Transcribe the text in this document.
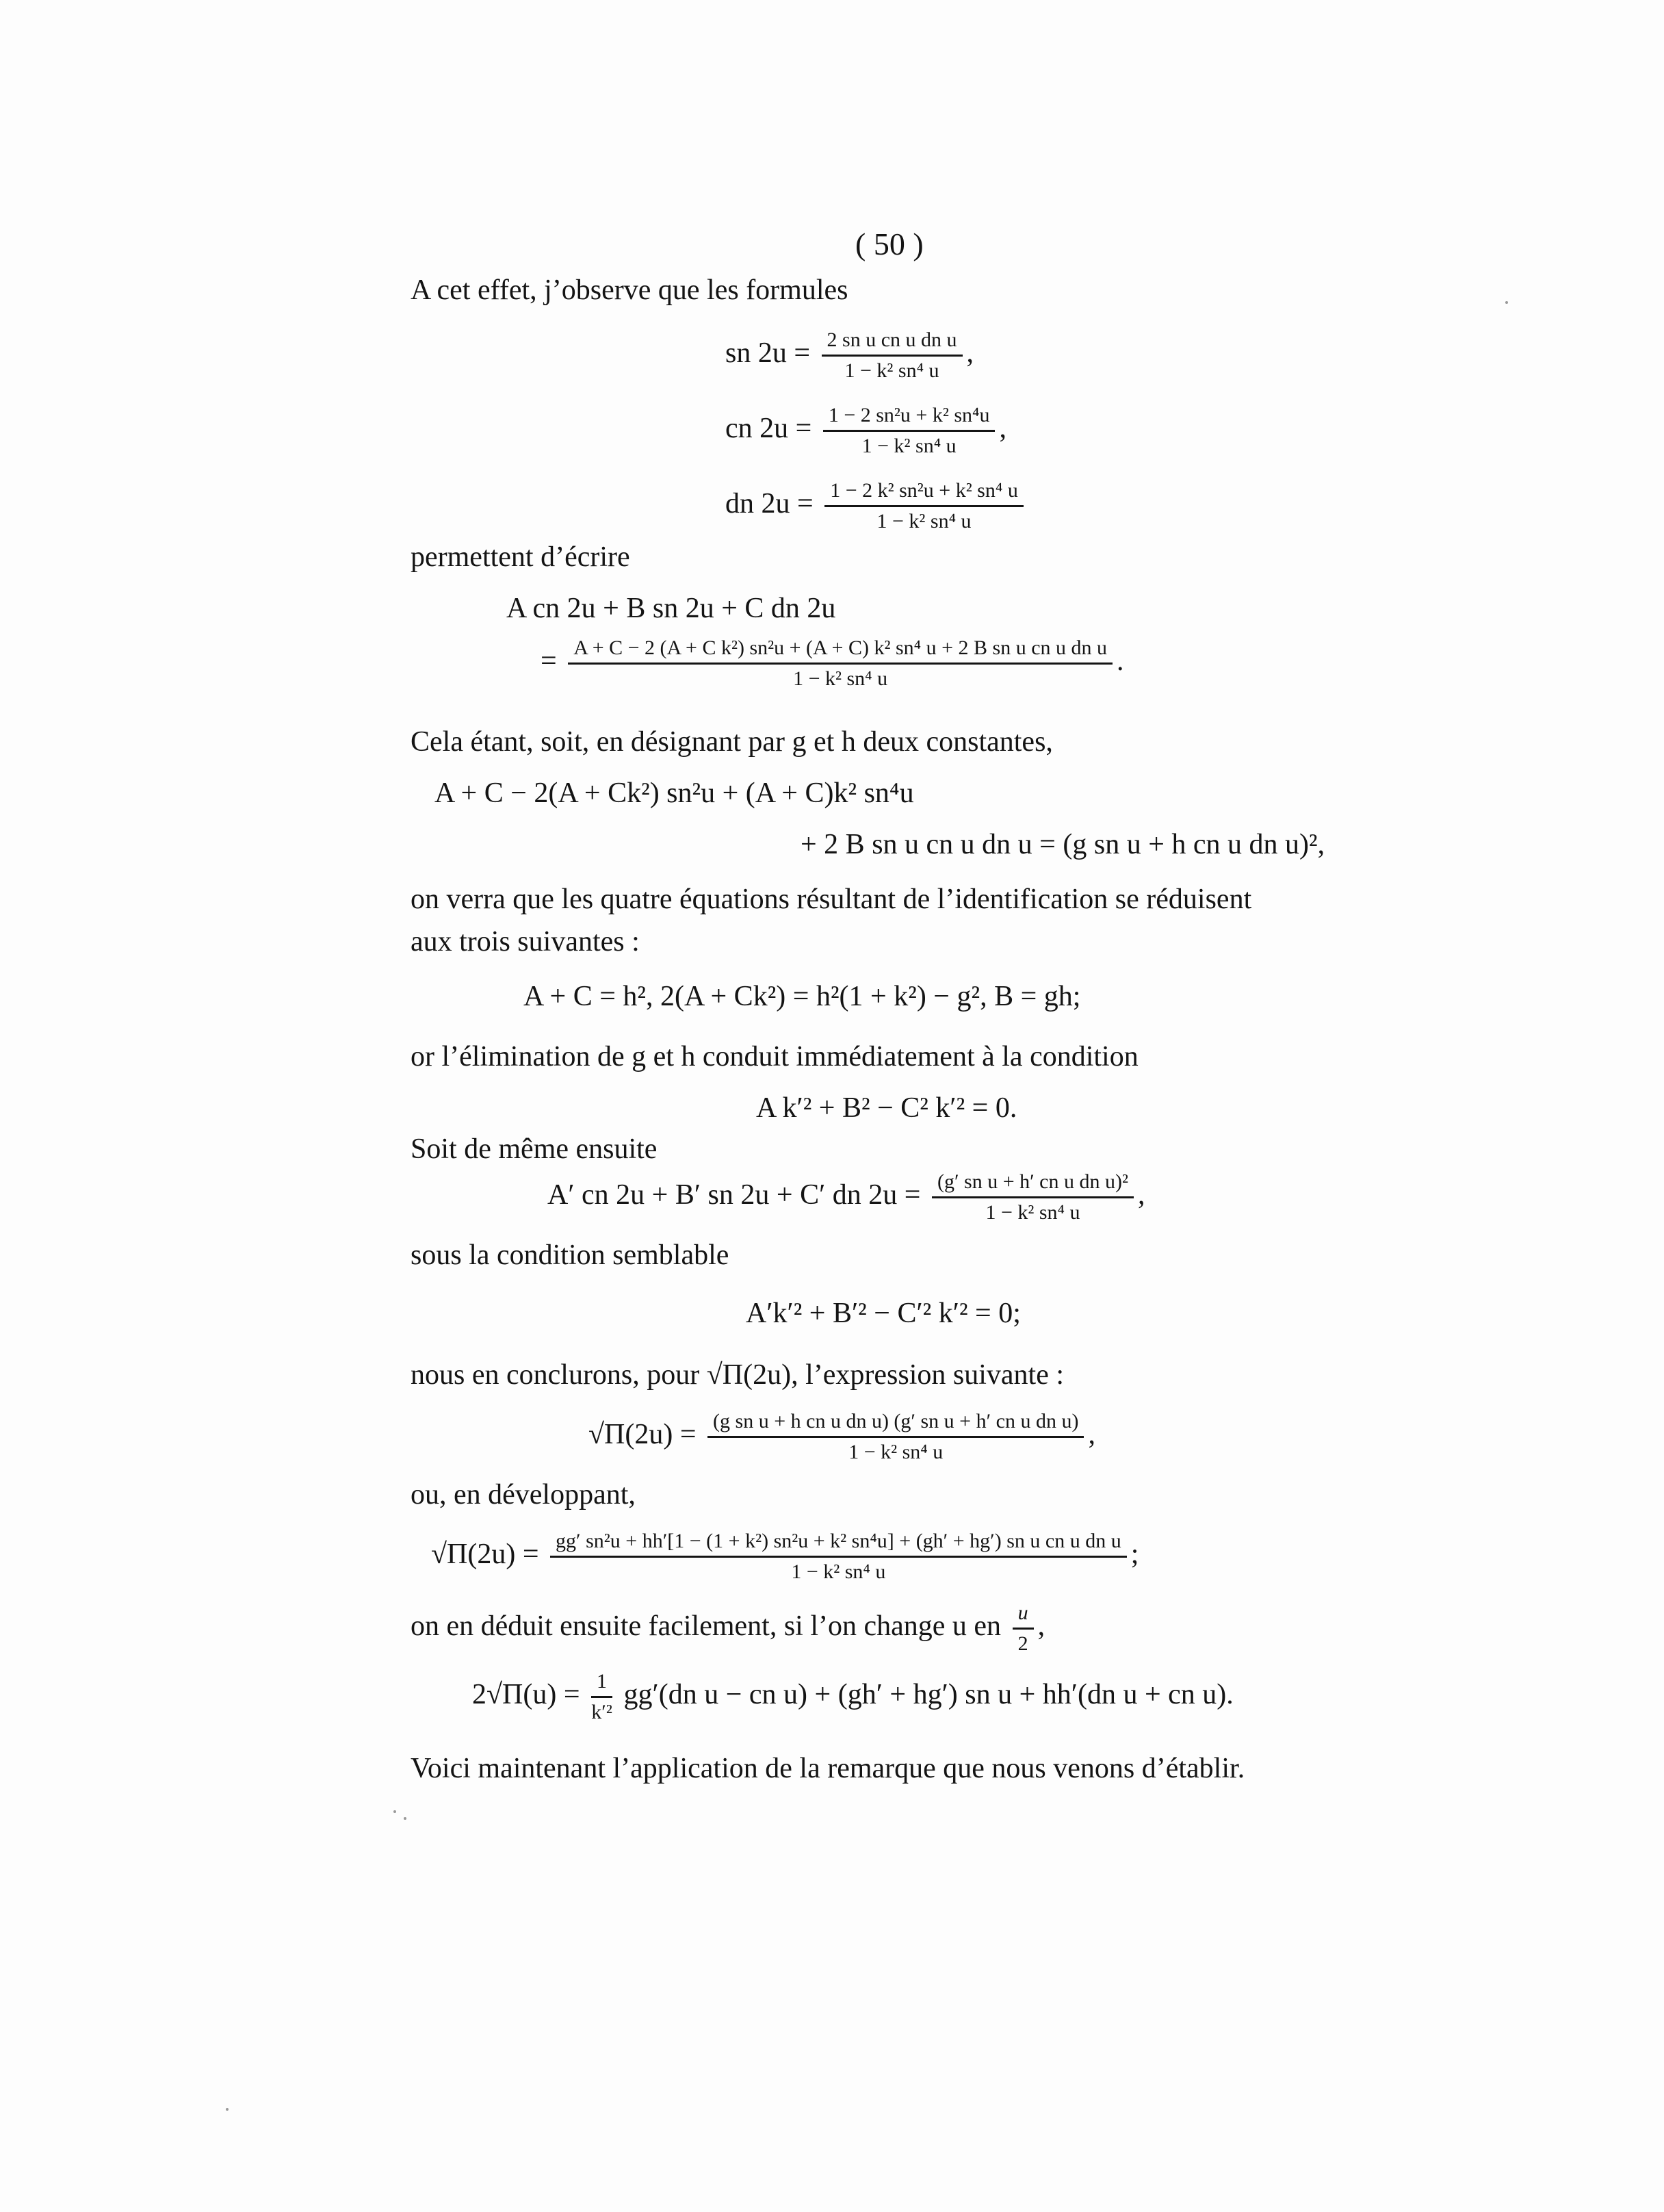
( 50 )
A cet effet, j’observe que les formules
sn $2u = \frac{\text{2 sn u cn u dn u}}{\text{1 − k² sn⁴ u}}$ ,
cn $2u = \frac{\text{1 − 2 sn²u + k² sn⁴u}}{\text{1 − k² sn⁴ u}}$ ,
dn $2u = \frac{\text{1 − 2 k² sn²u + k² sn⁴ u}}{\text{1 − k² sn⁴ u}}$
permettent d’écrire
A cn 2u + B sn 2u + C dn 2u
= A + C − 2 (A + C k²) sn²u + (A + C) k² sn⁴ u + 2 B sn u cn u dn u
1 − k² sn⁴ u
.
Cela étant, soit, en désignant par g et h deux constantes,
A + C − 2(A + Ck²) sn²u + (A + C)k² sn⁴u
+ 2 B sn u cn u dn u = (g sn u + h cn u dn u)²,
on verra que les quatre équations résultant de l’identification se réduisent
aux trois suivantes :
A + C = h², 2(A + Ck²) = h²(1 + k²) − g², B = gh;
or l’élimination de g et h conduit immédiatement à la condition
A k′² + B² − C² k′² = 0.
Soit de même ensuite
A′ cn 2u + B′ sn 2u + C′ dn $2u = \frac{\text{(g′ sn u + h′ cn u dn u)²}}{\text{1 − k² sn⁴ u}}$ ,
sous la condition semblable
A′k′² + B′² − C′² k′² = 0;
nous en conclurons, pour √Π(2u), l’expression suivante :
$√\Pi(2u) = \frac{\text{(g sn u + h cn u dn u) (g′ sn u + h′ cn u dn u)}}{\text{1 − k² sn⁴ u}}$ ,
ou, en développant,
√Π(2u) = gg′ sn²u + hh′[1 − (1 + k²) sn²u + k² sn⁴u] + (gh′ + hg′) sn u cn u dn u
1 − k² sn⁴ u
;
on en déduit ensuite facilement, si l’on change u en $\frac{u}{2}$ ,
$2√\Pi(u) = \frac{1}{\text{k′²}} gg'(dn$ u − cn u) + (gh′ + hg′) sn u + hh′(dn u + cn u).
Voici maintenant l’application de la remarque que nous venons d’établir.
